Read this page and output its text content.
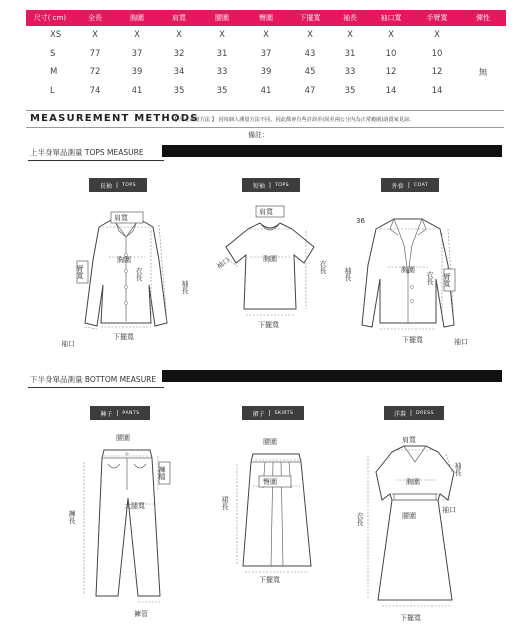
尺寸( cm)	全長	胸圍	肩寬	腰圍	臀圍	下擺寬	袖長	袖口寬	手臂寬	彈性
XS	X	X	X	X	X	X	X	X	X	
S	77	37	32	31	37	43	31	10	10	
M	72	39	34	33	39	45	33	12	12	無
L	74	41	35	35	41	47	35	14	14	
MEASUREMENT METHODS
【 尺寸測量方法 】 因每個人測量方法不同，因此都會有些許誤差(誤差兩公分內為正常範圍)請賣家見諒。
備註：
上半身單品測量 TOPS MEASURE
長袖 | TOPS	短袖 | TOPS	外套 | COAT
肩寬
胸圍
衣長
袖長
臂寬
下擺寬
袖口
肩寬
胸圍
衣長
袖口
下擺寬
36
胸圍
袖長	衣長 臂寬
下擺寬	袖口
下半身單品測量 BOTTOM MEASURE
褲子 | PANTS	裙子 | SKIRTS	洋裝 | DRESS
腰圍
褲檔
大腿寬
褲長
褲管
腰圍
臀圍
裙長
下擺寬
肩寬
胸圍
腰圍
衣長
袖長
袖口
下擺寬
